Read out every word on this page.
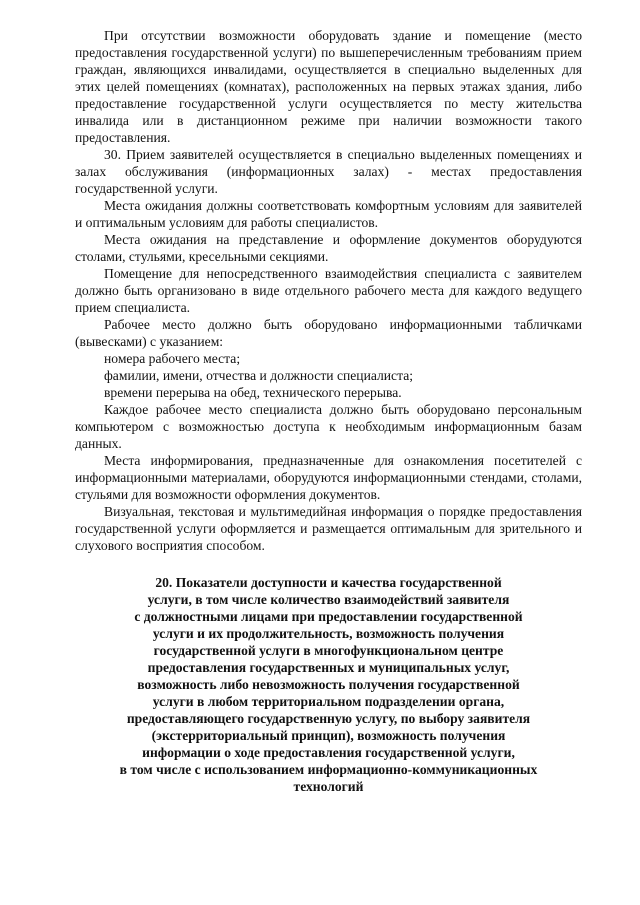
При отсутствии возможности оборудовать здание и помещение (место предоставления государственной услуги) по вышеперечисленным требованиям прием граждан, являющихся инвалидами, осуществляется в специально выделенных для этих целей помещениях (комнатах), расположенных на первых этажах здания, либо предоставление государственной услуги осуществляется по месту жительства инвалида или в дистанционном режиме при наличии возможности такого предоставления.

30. Прием заявителей осуществляется в специально выделенных помещениях и залах обслуживания (информационных залах) - местах предоставления государственной услуги.

Места ожидания должны соответствовать комфортным условиям для заявителей и оптимальным условиям для работы специалистов.

Места ожидания на представление и оформление документов оборудуются столами, стульями, кресельными секциями.

Помещение для непосредственного взаимодействия специалиста с заявителем должно быть организовано в виде отдельного рабочего места для каждого ведущего прием специалиста.

Рабочее место должно быть оборудовано информационными табличками (вывесками) с указанием:

номера рабочего места;

фамилии, имени, отчества и должности специалиста;

времени перерыва на обед, технического перерыва.

Каждое рабочее место специалиста должно быть оборудовано персональным компьютером с возможностью доступа к необходимым информационным базам данных.

Места информирования, предназначенные для ознакомления посетителей с информационными материалами, оборудуются информационными стендами, столами, стульями для возможности оформления документов.

Визуальная, текстовая и мультимедийная информация о порядке предоставления государственной услуги оформляется и размещается оптимальным для зрительного и слухового восприятия способом.

20. Показатели доступности и качества государственной
услуги, в том числе количество взаимодействий заявителя
с должностными лицами при предоставлении государственной
услуги и их продолжительность, возможность получения
государственной услуги в многофункциональном центре
предоставления государственных и муниципальных услуг,
возможность либо невозможность получения государственной
услуги в любом территориальном подразделении органа,
предоставляющего государственную услугу, по выбору заявителя
(экстерриториальный принцип), возможность получения
информации о ходе предоставления государственной услуги,
в том числе с использованием информационно-коммуникационных
технологий
